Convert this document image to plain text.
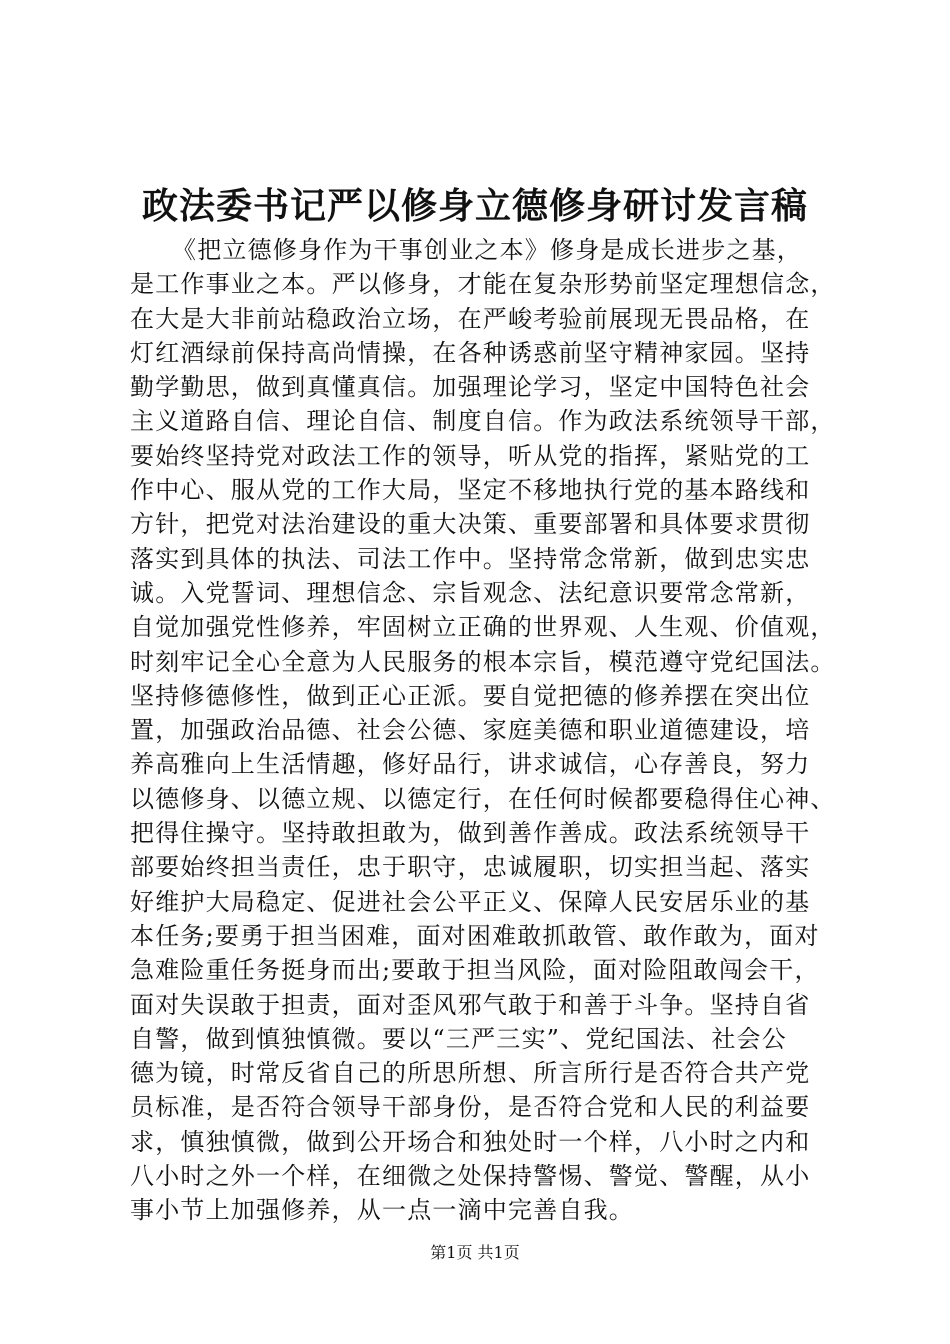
政法委书记严以修身立德修身研讨发言稿
《把立德修身作为干事创业之本》修身是成长进步之基，
是工作事业之本。严以修身，才能在复杂形势前坚定理想信念，
在大是大非前站稳政治立场，在严峻考验前展现无畏品格，在
灯红酒绿前保持高尚情操，在各种诱惑前坚守精神家园。坚持
勤学勤思，做到真懂真信。加强理论学习，坚定中国特色社会
主义道路自信、理论自信、制度自信。作为政法系统领导干部，
要始终坚持党对政法工作的领导，听从党的指挥，紧贴党的工
作中心、服从党的工作大局，坚定不移地执行党的基本路线和
方针，把党对法治建设的重大决策、重要部署和具体要求贯彻
落实到具体的执法、司法工作中。坚持常念常新，做到忠实忠
诚。入党誓词、理想信念、宗旨观念、法纪意识要常念常新，
自觉加强党性修养，牢固树立正确的世界观、人生观、价值观，
时刻牢记全心全意为人民服务的根本宗旨，模范遵守党纪国法。
坚持修德修性，做到正心正派。要自觉把德的修养摆在突出位
置，加强政治品德、社会公德、家庭美德和职业道德建设，培
养高雅向上生活情趣，修好品行，讲求诚信，心存善良，努力
以德修身、以德立规、以德定行，在任何时候都要稳得住心神、
把得住操守。坚持敢担敢为，做到善作善成。政法系统领导干
部要始终担当责任，忠于职守，忠诚履职，切实担当起、落实
好维护大局稳定、促进社会公平正义、保障人民安居乐业的基
本任务;要勇于担当困难，面对困难敢抓敢管、敢作敢为，面对
急难险重任务挺身而出;要敢于担当风险，面对险阻敢闯会干，
面对失误敢于担责，面对歪风邪气敢于和善于斗争。坚持自省
自警，做到慎独慎微。要以“三严三实”、党纪国法、社会公
德为镜，时常反省自己的所思所想、所言所行是否符合共产党
员标准，是否符合领导干部身份，是否符合党和人民的利益要
求，慎独慎微，做到公开场合和独处时一个样，八小时之内和
八小时之外一个样，在细微之处保持警惕、警觉、警醒，从小
事小节上加强修养，从一点一滴中完善自我。
第1页 共1页
